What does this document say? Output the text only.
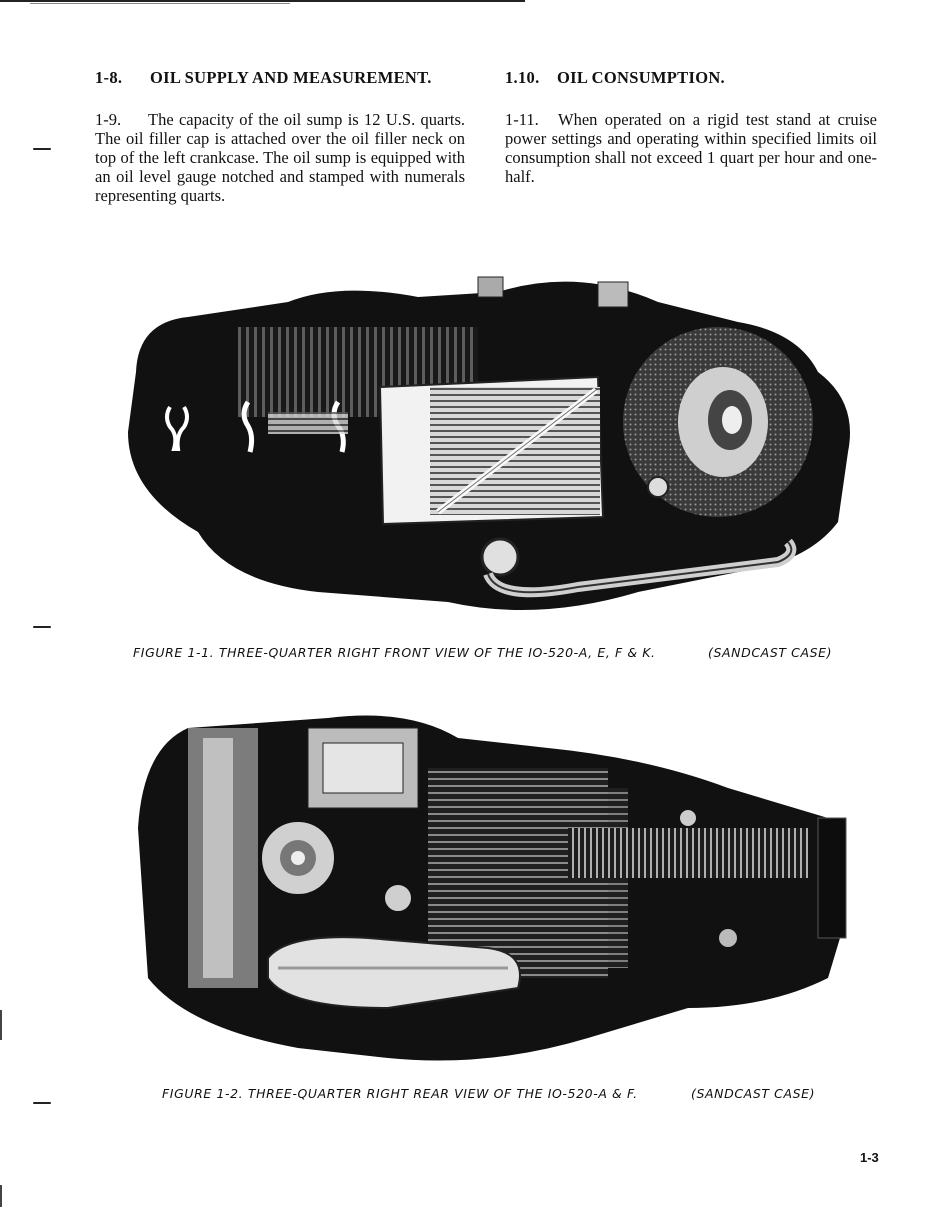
1-8. OIL SUPPLY AND MEASUREMENT.

1-9. The capacity of the oil sump is 12 U.S. quarts. The oil filler cap is attached over the oil filler neck on top of the left crankcase. The oil sump is equipped with an oil level gauge notched and stamped with numerals representing quarts.

1.10. OIL CONSUMPTION.

1-11. When operated on a rigid test stand at cruise power settings and operating within specified limits oil consumption shall not exceed 1 quart per hour and one-half.

FIGURE 1-1. THREE-QUARTER RIGHT FRONT VIEW OF THE IO-520-A, E, F & K.	(SANDCAST CASE)
FIGURE 1-2. THREE-QUARTER RIGHT REAR VIEW OF THE IO-520-A & F.	(SANDCAST CASE)
1-3
